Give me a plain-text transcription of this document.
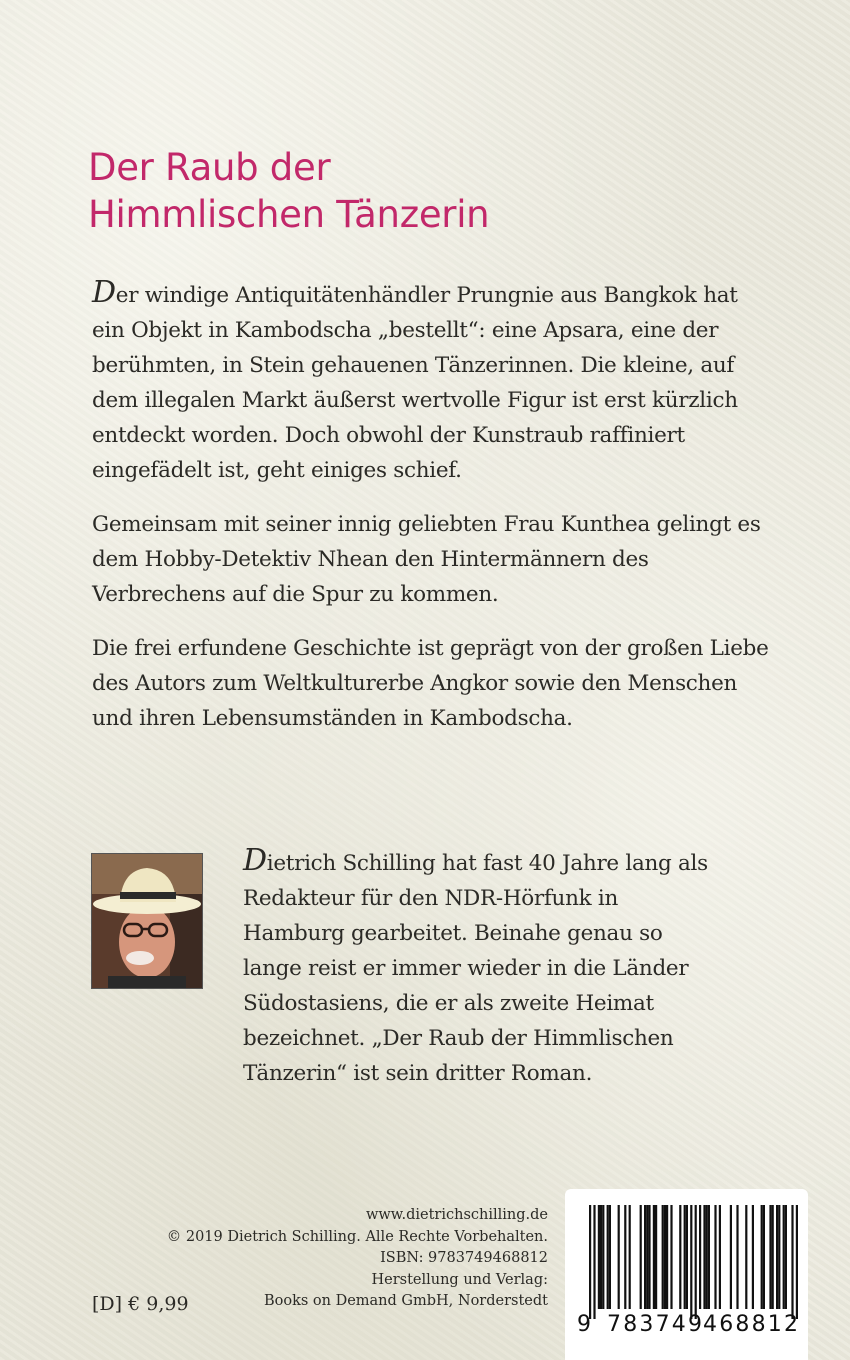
Der Raub der
Himmlischen Tänzerin

Der windige Antiquitätenhändler Prungnie aus Bangkok hat ein Objekt in Kambodscha „bestellt“: eine Apsara, eine der berühmten, in Stein gehauenen Tänzerinnen. Die kleine, auf dem illegalen Markt äußerst wertvolle Figur ist erst kürzlich entdeckt worden. Doch obwohl der Kunstraub raffiniert eingefädelt ist, geht einiges schief.

Gemeinsam mit seiner innig geliebten Frau Kunthea gelingt es dem Hobby-Detektiv Nhean den Hintermännern des Verbrechens auf die Spur zu kommen.

Die frei erfundene Geschichte ist geprägt von der großen Liebe des Autors zum Weltkulturerbe Angkor sowie den Menschen und ihren Lebensumständen in Kambodscha.

Dietrich Schilling hat fast 40 Jahre lang als Redakteur für den NDR-Hörfunk in Hamburg gearbeitet. Beinahe genau so lange reist er immer wieder in die Länder Südostasiens, die er als zweite Heimat bezeichnet. „Der Raub der Himmlischen Tänzerin“ ist sein dritter Roman.

www.dietrichschilling.de
© 2019 Dietrich Schilling. Alle Rechte Vorbehalten.
ISBN: 9783749468812
Herstellung und Verlag:
Books on Demand GmbH, Norderstedt
[D] € 9,99
9 783749
468812
